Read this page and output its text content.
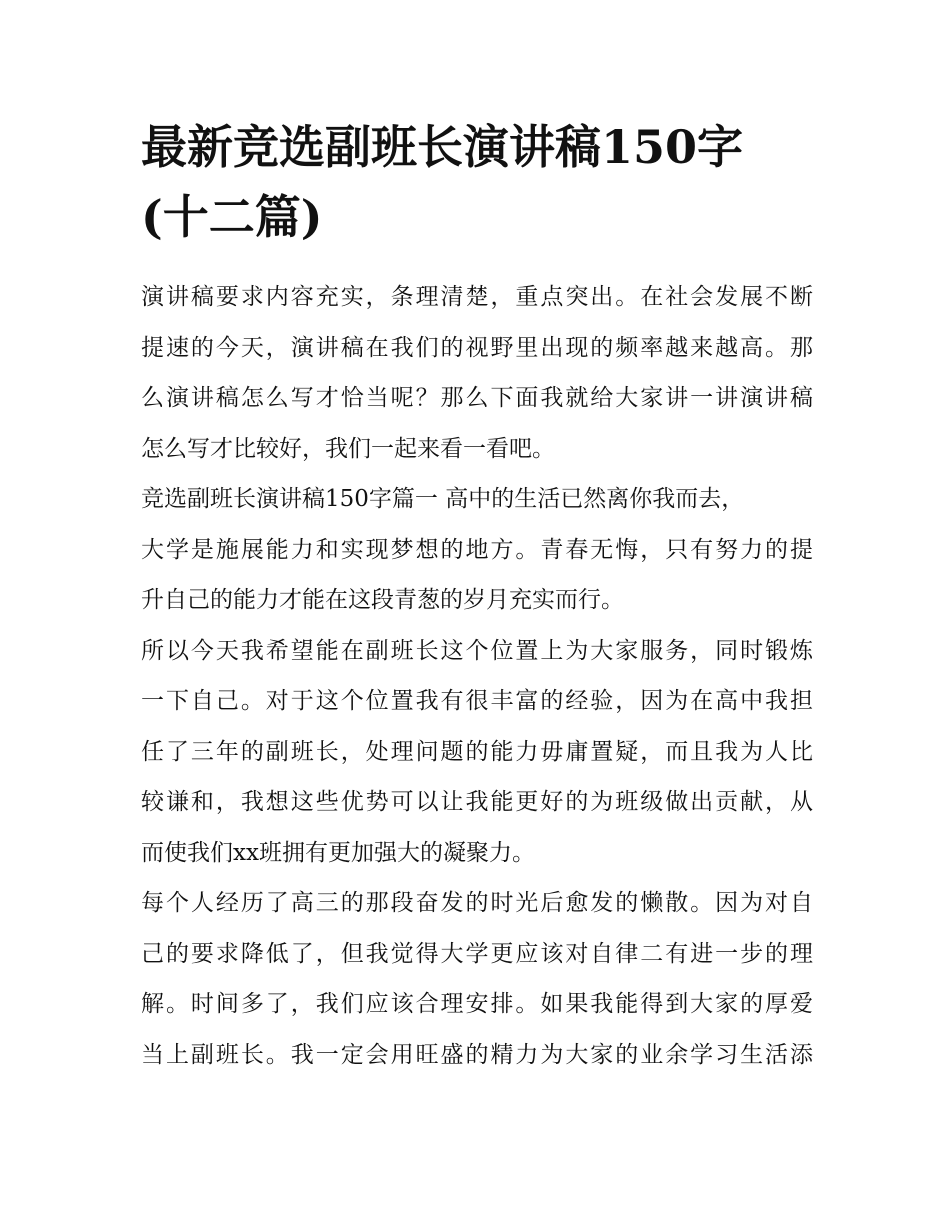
最新竞选副班长演讲稿150字
(十二篇)

演讲稿要求内容充实，条理清楚，重点突出。在社会发展不断
提速的今天，演讲稿在我们的视野里出现的频率越来越高。那
么演讲稿怎么写才恰当呢？那么下面我就给大家讲一讲演讲稿
怎么写才比较好，我们一起来看一看吧。

竞选副班长演讲稿150字篇一 高中的生活已然离你我而去，
大学是施展能力和实现梦想的地方。青春无悔，只有努力的提
升自己的能力才能在这段青葱的岁月充实而行。

所以今天我希望能在副班长这个位置上为大家服务，同时锻炼
一下自己。对于这个位置我有很丰富的经验，因为在高中我担
任了三年的副班长，处理问题的能力毋庸置疑，而且我为人比
较谦和，我想这些优势可以让我能更好的为班级做出贡献，从
而使我们xx班拥有更加强大的凝聚力。

每个人经历了高三的那段奋发的时光后愈发的懒散。因为对自
己的要求降低了，但我觉得大学更应该对自律二有进一步的理
解。时间多了，我们应该合理安排。如果我能得到大家的厚爱
当上副班长。我一定会用旺盛的精力为大家的业余学习生活添
